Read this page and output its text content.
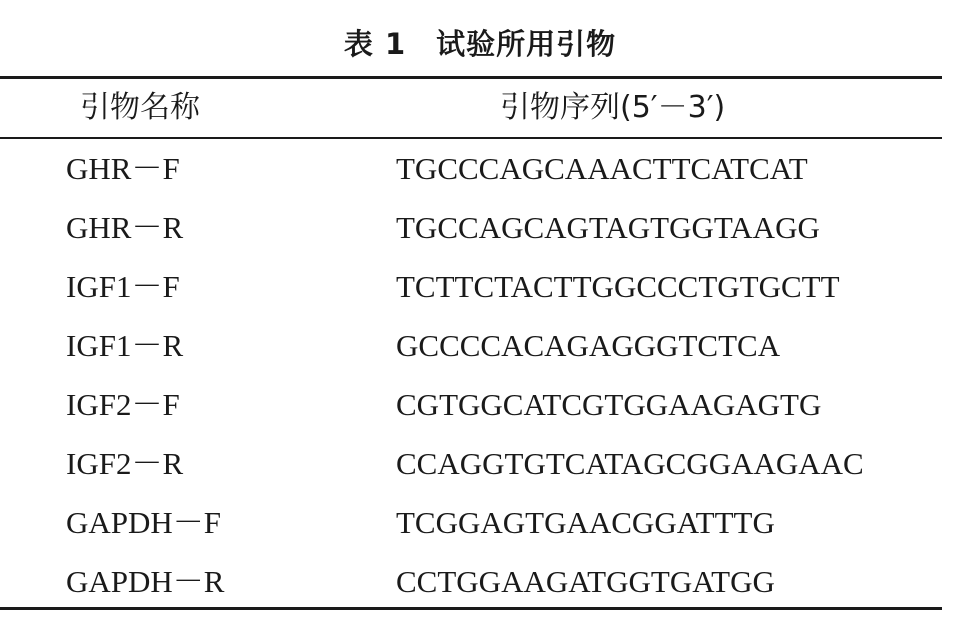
表 1 试验所用引物
引物名称	引物序列(5′－3′)
GHR－F	TGCCCAGCAAACTTCATCAT
GHR－R	TGCCAGCAGTAGTGGTAAGG
IGF1－F	TCTTCTACTTGGCCCTGTGCTT
IGF1－R	GCCCCACAGAGGGTCTCA
IGF2－F	CGTGGCATCGTGGAAGAGTG
IGF2－R	CCAGGTGTCATAGCGGAAGAAC
GAPDH－F	TCGGAGTGAACGGATTTG
GAPDH－R	CCTGGAAGATGGTGATGG
